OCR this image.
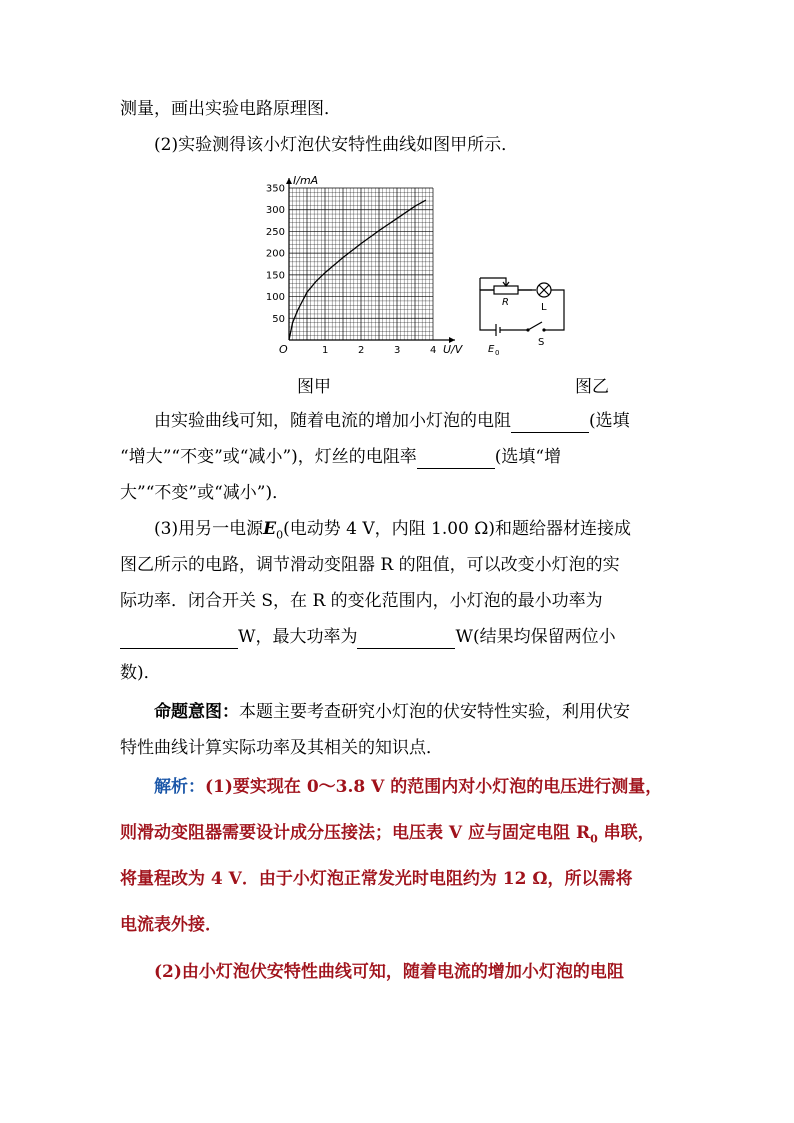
测量，画出实验电路原理图．
(2)实验测得该小灯泡伏安特性曲线如图甲所示．
1	2	3	4
50
100
150
200
250
300
350
I/mA
U/V
O
R	L
E 0
S
图甲	图乙
由实验曲线可知，随着电流的增加小灯泡的电阻	(选填
“增大”“不变”或“减小”)，灯丝的电阻率	(选填“增
大”“不变”或“减小”)．
(3)用另一电源$E_0$(电动势 4 V，内阻 1.00 Ω)和题给器材连接成
图乙所示的电路，调节滑动变阻器 R 的阻值，可以改变小灯泡的实
际功率．闭合开关 S，在 R 的变化范围内，小灯泡的最小功率为
W，最大功率为	W(结果均保留两位小
数)．
命题意图：本题主要考查研究小灯泡的伏安特性实验，利用伏安
特性曲线计算实际功率及其相关的知识点．
解析：(1)要实现在 0～3.8 V 的范围内对小灯泡的电压进行测量，
则滑动变阻器需要设计成分压接法；电压表 V 应与固定电阻 $R_0$ 串联，
将量程改为 4 V．由于小灯泡正常发光时电阻约为 12 Ω，所以需将
电流表外接．
(2)由小灯泡伏安特性曲线可知，随着电流的增加小灯泡的电阻
